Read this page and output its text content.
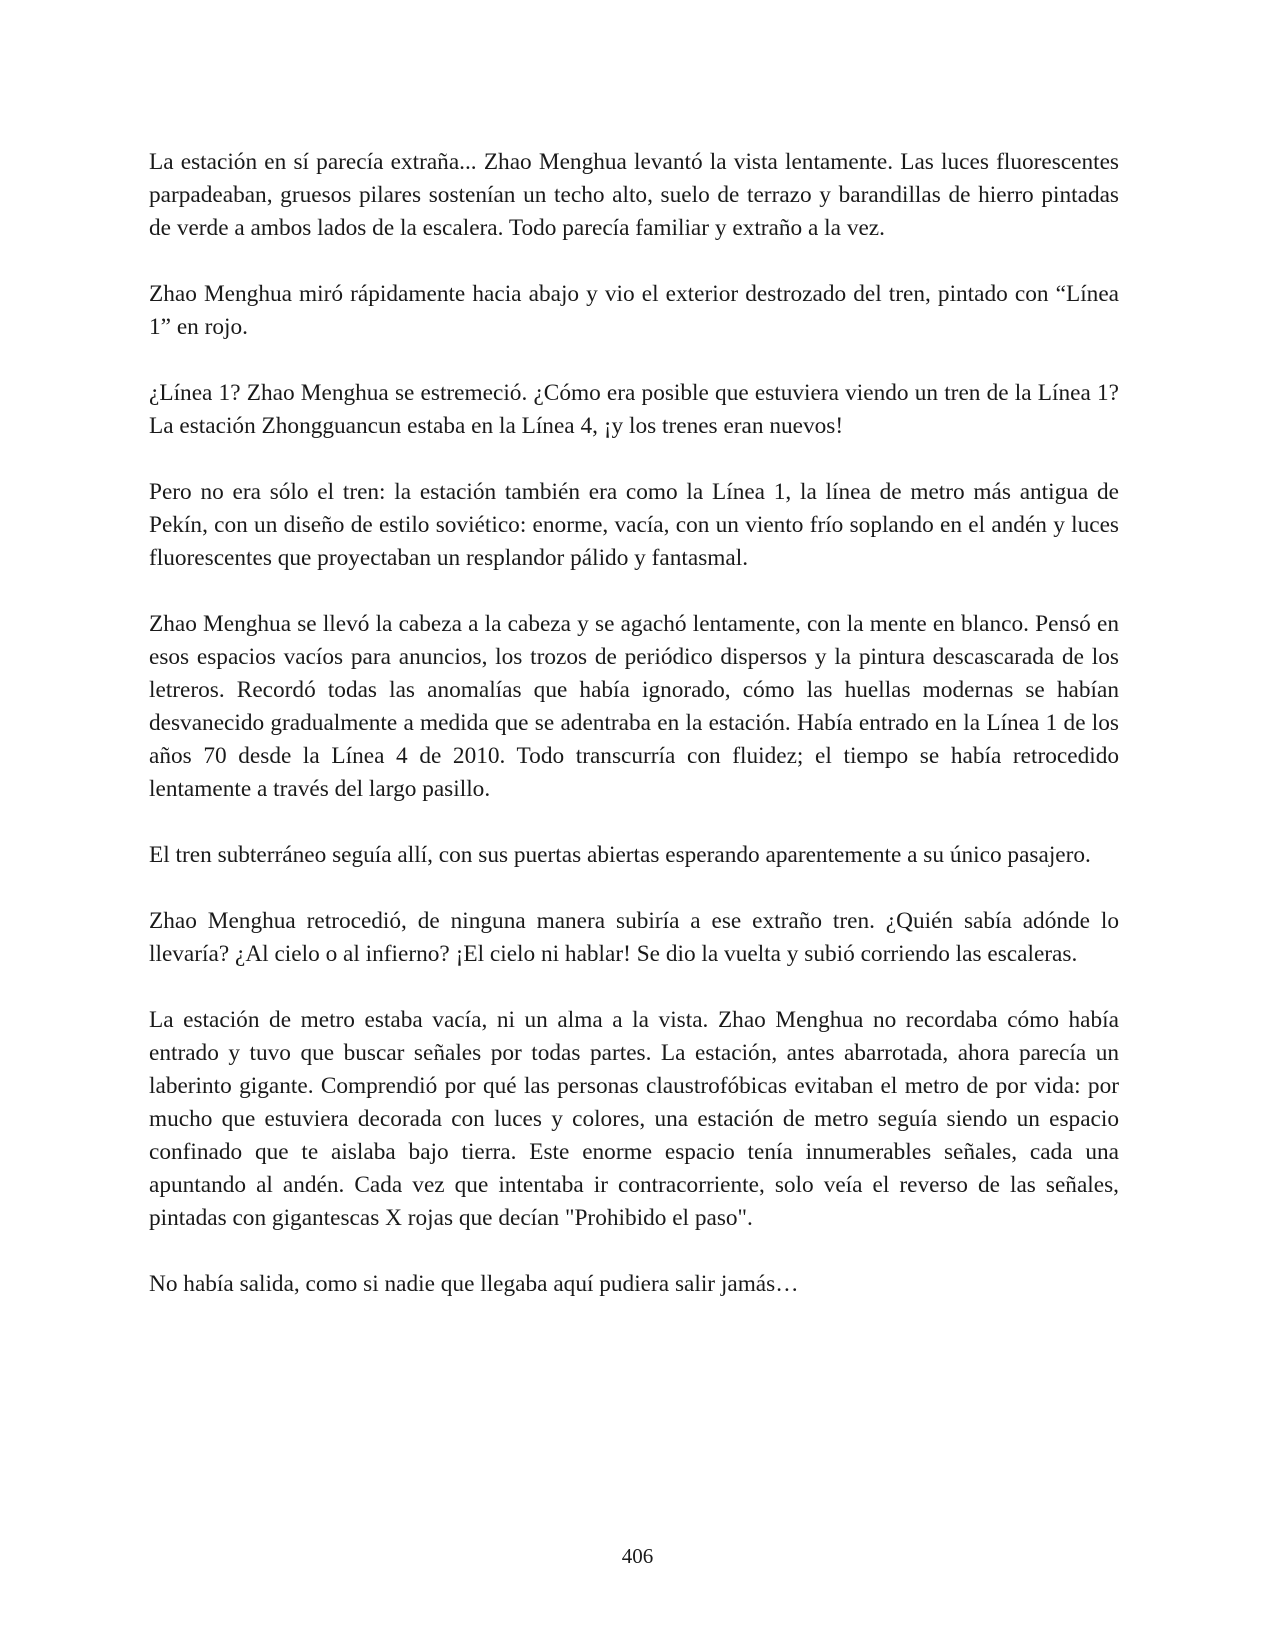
La estación en sí parecía extraña... Zhao Menghua levantó la vista lentamente. Las luces fluorescentes parpadeaban, gruesos pilares sostenían un techo alto, suelo de terrazo y barandillas de hierro pintadas de verde a ambos lados de la escalera. Todo parecía familiar y extraño a la vez.

Zhao Menghua miró rápidamente hacia abajo y vio el exterior destrozado del tren, pintado con “Línea 1” en rojo.

¿Línea 1? Zhao Menghua se estremeció. ¿Cómo era posible que estuviera viendo un tren de la Línea 1? La estación Zhongguancun estaba en la Línea 4, ¡y los trenes eran nuevos!

Pero no era sólo el tren: la estación también era como la Línea 1, la línea de metro más antigua de Pekín, con un diseño de estilo soviético: enorme, vacía, con un viento frío soplando en el andén y luces fluorescentes que proyectaban un resplandor pálido y fantasmal.

Zhao Menghua se llevó la cabeza a la cabeza y se agachó lentamente, con la mente en blanco. Pensó en esos espacios vacíos para anuncios, los trozos de periódico dispersos y la pintura descascarada de los letreros. Recordó todas las anomalías que había ignorado, cómo las huellas modernas se habían desvanecido gradualmente a medida que se adentraba en la estación. Había entrado en la Línea 1 de los años 70 desde la Línea 4 de 2010. Todo transcurría con fluidez; el tiempo se había retrocedido lentamente a través del largo pasillo.

El tren subterráneo seguía allí, con sus puertas abiertas esperando aparentemente a su único pasajero.

Zhao Menghua retrocedió, de ninguna manera subiría a ese extraño tren. ¿Quién sabía adónde lo llevaría? ¿Al cielo o al infierno? ¡El cielo ni hablar! Se dio la vuelta y subió corriendo las escaleras.

La estación de metro estaba vacía, ni un alma a la vista. Zhao Menghua no recordaba cómo había entrado y tuvo que buscar señales por todas partes. La estación, antes abarrotada, ahora parecía un laberinto gigante. Comprendió por qué las personas claustrofóbicas evitaban el metro de por vida: por mucho que estuviera decorada con luces y colores, una estación de metro seguía siendo un espacio confinado que te aislaba bajo tierra. Este enorme espacio tenía innumerables señales, cada una apuntando al andén. Cada vez que intentaba ir contracorriente, solo veía el reverso de las señales, pintadas con gigantescas X rojas que decían "Prohibido el paso".

No había salida, como si nadie que llegaba aquí pudiera salir jamás…

406
